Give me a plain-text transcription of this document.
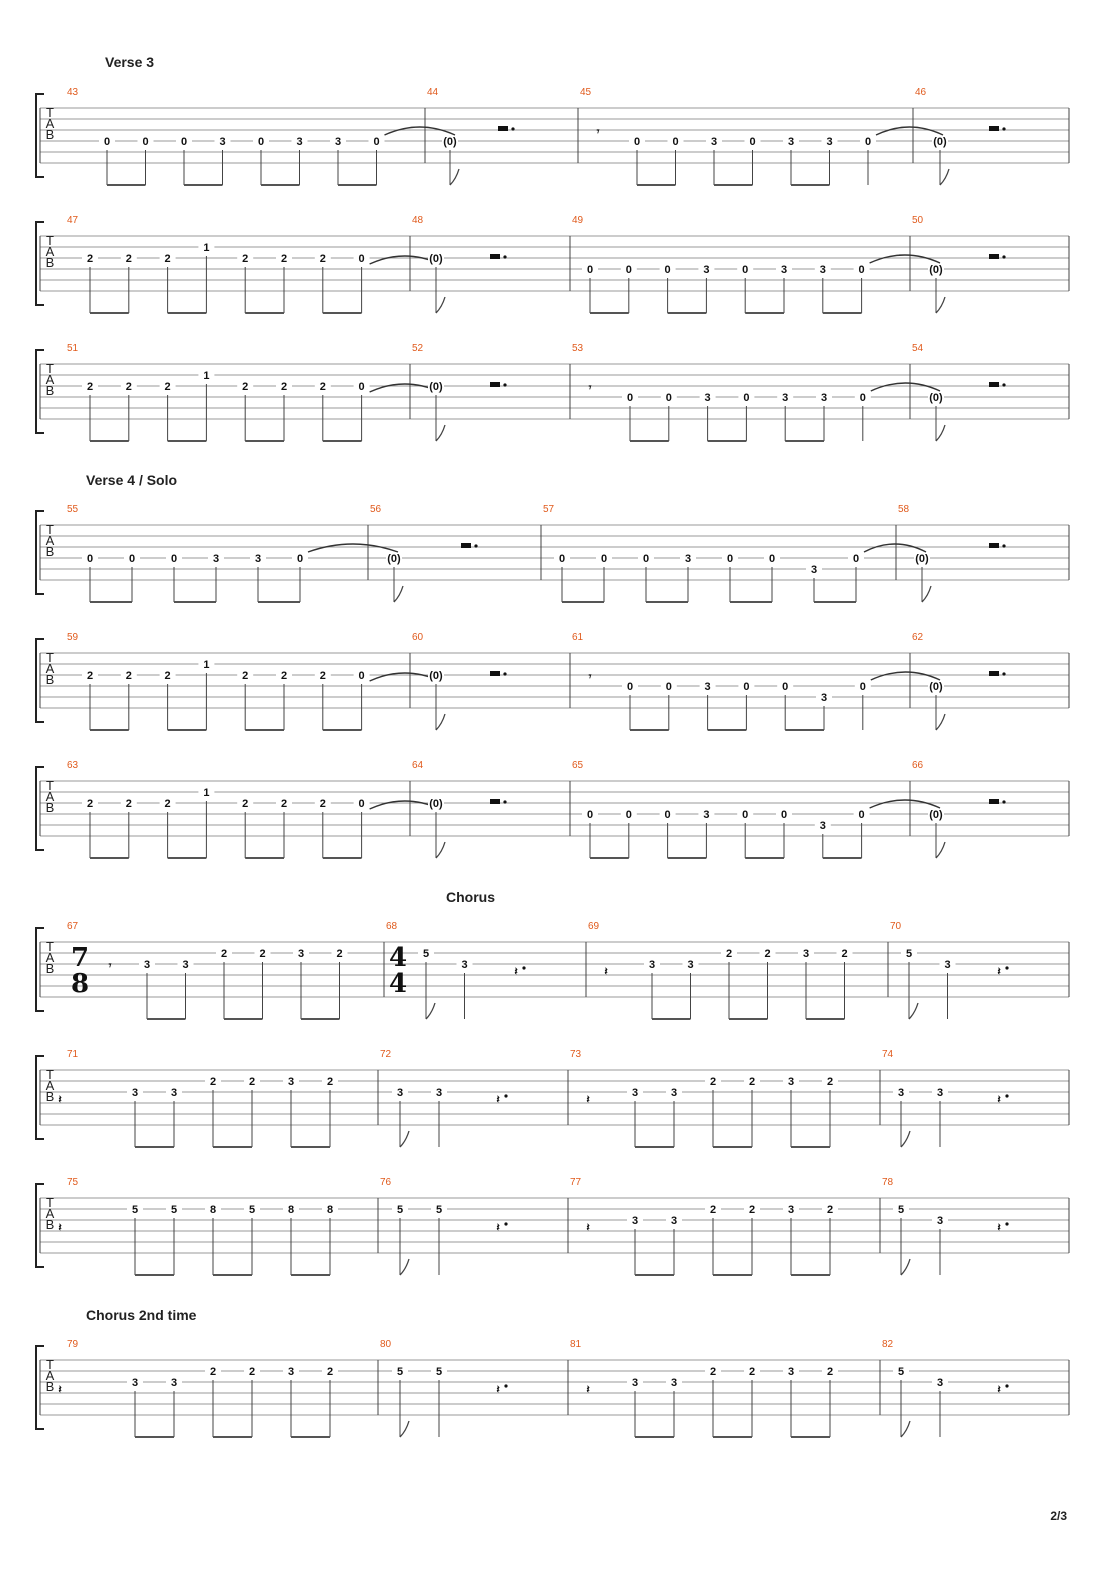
Verse 3
T
A
B
43
0	0	0	3	0	3	3	0
44
(0)
45
𝄾
0	0	3	0	3	3	0
46
(0)
T
A
B
47
2	2	2
1
2	2	2	0
48
(0)
49
0	0	0	3	0	3	3	0
50
(0)
T
A
B
51
2	2	2
1
2	2	2	0
52
(0)
53
𝄾
0	0	3	0	3	3	0
54
(0)
Verse 4 / Solo
T
A
B
55
0	0	0	3	3	0
56
(0)
57
0	0	0	3	0	0
3
0
58
(0)
T
A
B
59
2	2	2
1
2	2	2	0
60
(0)
61
𝄾
0	0	3	0	0
3
0
62
(0)
T
A
B
63
2	2	2
1
2	2	2	0
64
(0)
65
0	0	0	3	0	0
3
0
66
(0)
Chorus
T
A
B
67
7
8
𝄾	3	3
2	2	3	2
68
4
4
5
3
𝄽
69
𝄽
3	3
2	2	3	2
70
5
3
𝄽
T
A
B
71
𝄽
3	3
2	2	3	2
72
3	3
𝄽
73
𝄽
3	3
2	2	3	2
74
3	3
𝄽
T
A
B
75
𝄽
5	5	8	5	8	8
76
5	5
𝄽
77
𝄽
3	3
2	2	3	2
78
5
3
𝄽
Chorus 2nd time
T
A
B
79
𝄽
3	3
2	2	3	2
80
5	5
𝄽
81
𝄽
3	3
2	2	3	2
82
5
3
𝄽
2/3
